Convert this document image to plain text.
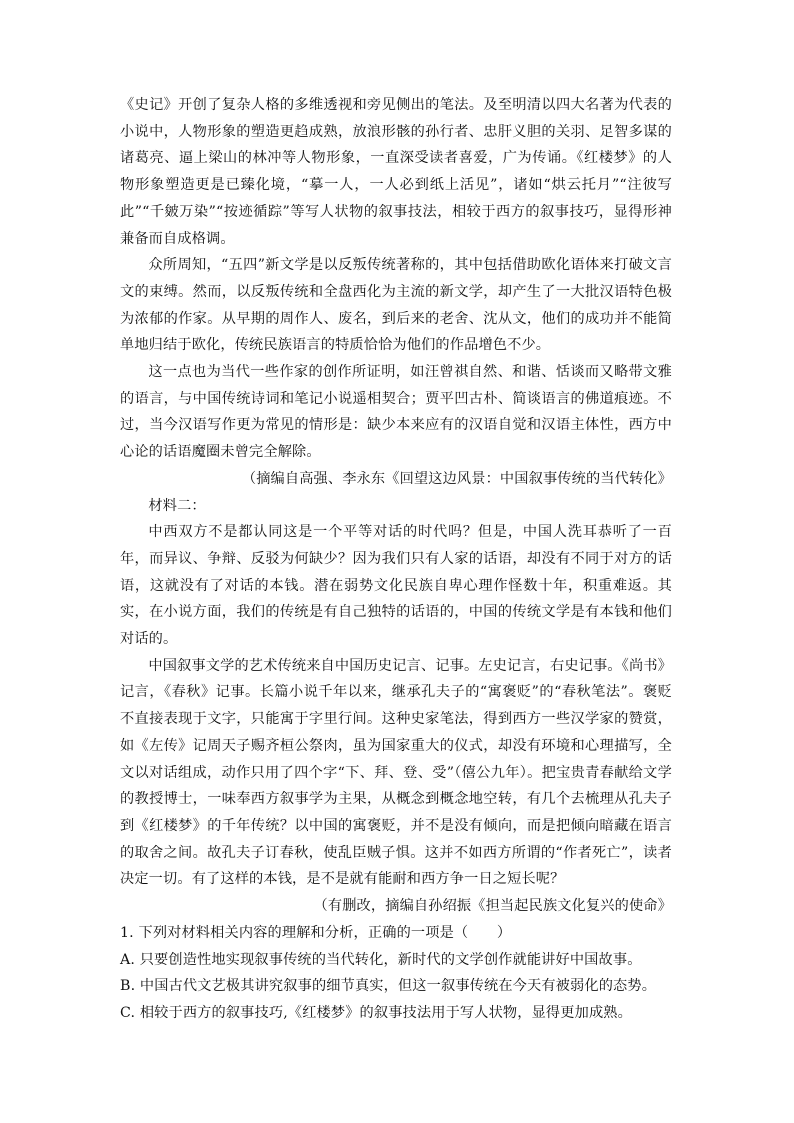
《史记》开创了复杂人格的多维透视和旁见侧出的笔法。及至明清以四大名著为代表的小说中，人物形象的塑造更趋成熟，放浪形骸的孙行者、忠肝义胆的关羽、足智多谋的诸葛亮、逼上梁山的林冲等人物形象，一直深受读者喜爱，广为传诵。《红楼梦》的人物形象塑造更是已臻化境，“摹一人，一人必到纸上活见”，诸如“烘云托月”“注彼写此”“千皴万染”“按迹循踪”等写人状物的叙事技法，相较于西方的叙事技巧，显得形神兼备而自成格调。

众所周知，“五四”新文学是以反叛传统著称的，其中包括借助欧化语体来打破文言文的束缚。然而，以反叛传统和全盘西化为主流的新文学，却产生了一大批汉语特色极为浓郁的作家。从早期的周作人、废名，到后来的老舍、沈从文，他们的成功并不能简单地归结于欧化，传统民族语言的特质恰恰为他们的作品增色不少。

这一点也为当代一些作家的创作所证明，如汪曾祺自然、和谐、恬谈而又略带文雅的语言，与中国传统诗词和笔记小说遥相契合；贾平凹古朴、简谈语言的佛道痕迹。不过，当今汉语写作更为常见的情形是：缺少本来应有的汉语自觉和汉语主体性，西方中心论的话语魔圈未曾完全解除。

（摘编自高强、李永东《回望这边风景：中国叙事传统的当代转化》

材料二：

中西双方不是都认同这是一个平等对话的时代吗？但是，中国人洗耳恭听了一百年，而异议、争辩、反驳为何缺少？因为我们只有人家的话语，却没有不同于对方的话语，这就没有了对话的本钱。潜在弱势文化民族自卑心理作怪数十年，积重难返。其实，在小说方面，我们的传统是有自己独特的话语的，中国的传统文学是有本钱和他们对话的。

中国叙事文学的艺术传统来自中国历史记言、记事。左史记言，右史记事。《尚书》记言，《春秋》记事。长篇小说千年以来，继承孔夫子的“寓褒贬”的“春秋笔法”。褒贬不直接表现于文字，只能寓于字里行间。这种史家笔法，得到西方一些汉学家的赞赏，如《左传》记周天子赐齐桓公祭肉，虽为国家重大的仪式，却没有环境和心理描写，全文以对话组成，动作只用了四个字“下、拜、登、受”（僖公九年）。把宝贵青春献给文学的教授博士，一味奉西方叙事学为主果，从概念到概念地空转，有几个去梳理从孔夫子到《红楼梦》的千年传统？以中国的寓褒贬，并不是没有倾向，而是把倾向暗藏在语言的取舍之间。故孔夫子订春秋，使乱臣贼子惧。这并不如西方所谓的“作者死亡”，读者决定一切。有了这样的本钱，是不是就有能耐和西方争一日之短长呢？

（有删改，摘编自孙绍振《担当起民族文化复兴的使命》

1. 下列对材料相关内容的理解和分析，正确的一项是（　　）

A. 只要创造性地实现叙事传统的当代转化，新时代的文学创作就能讲好中国故事。

B. 中国古代文艺极其讲究叙事的细节真实，但这一叙事传统在今天有被弱化的态势。

C. 相较于西方的叙事技巧,《红楼梦》的叙事技法用于写人状物，显得更加成熟。
